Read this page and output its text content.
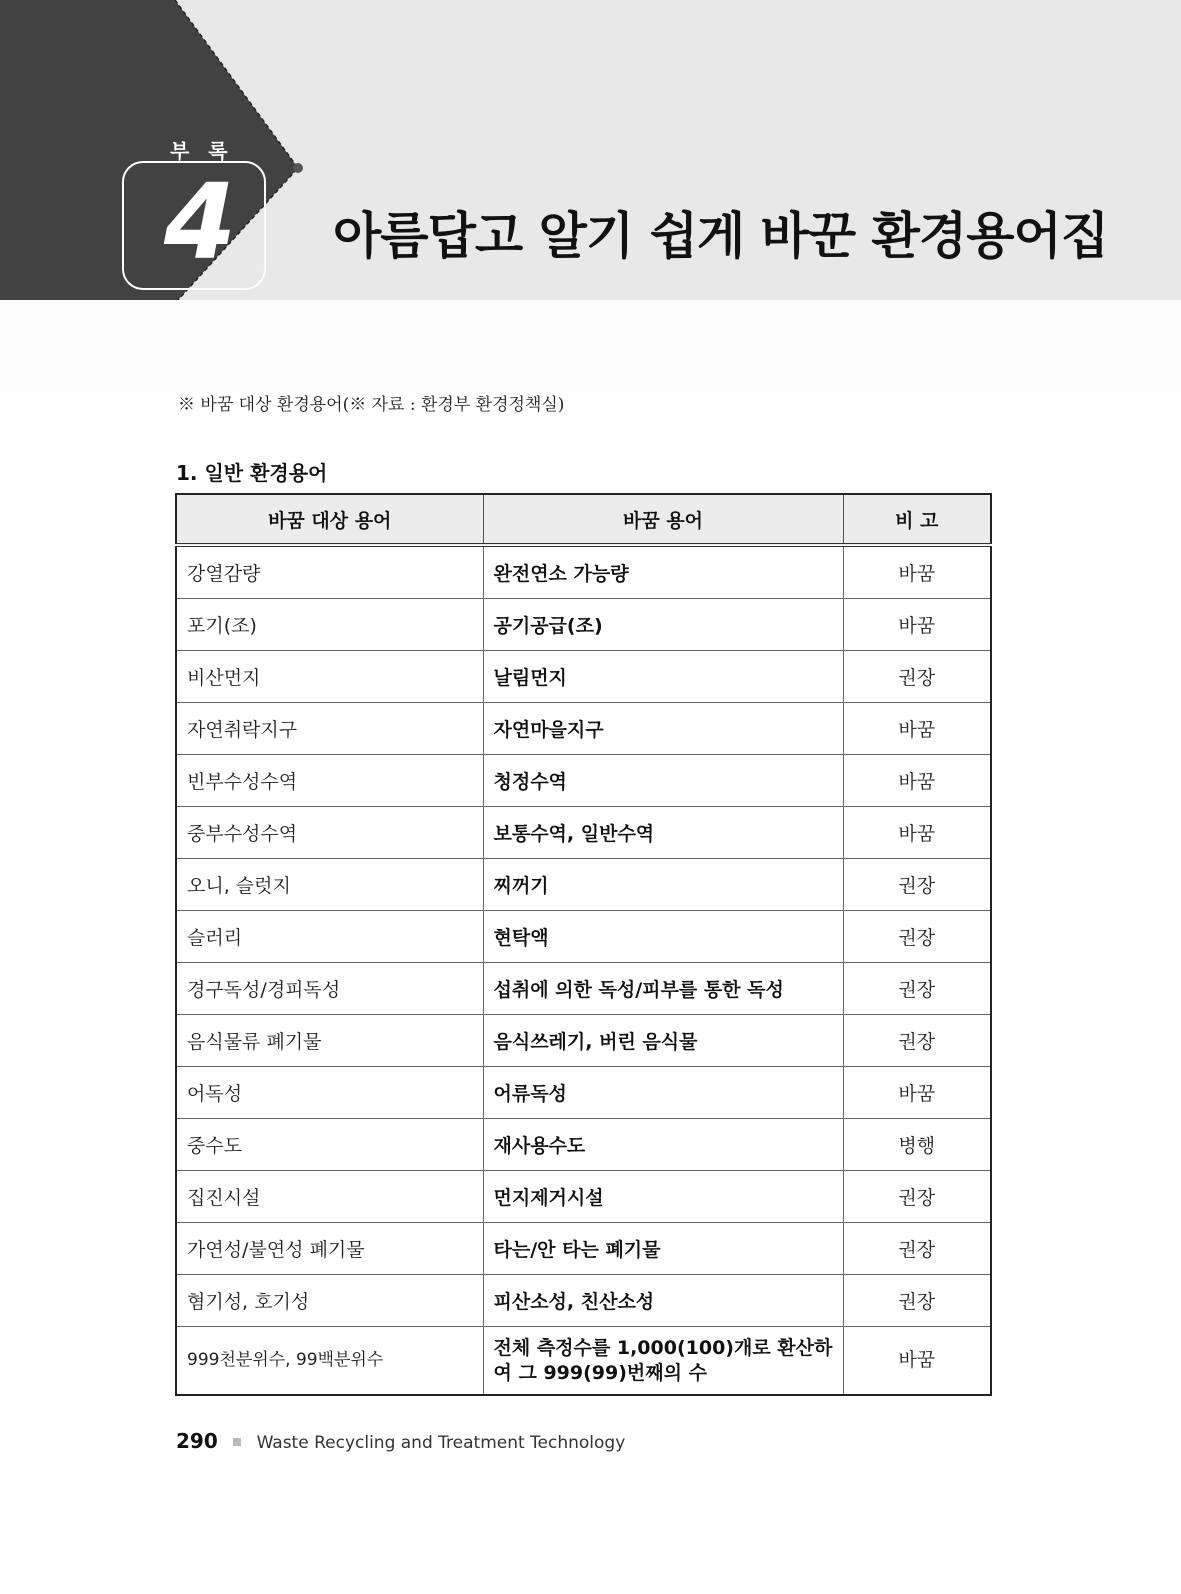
부 록
4 아름답고 알기 쉽게 바꾼 환경용어집
※ 바꿈 대상 환경용어(※ 자료 : 환경부 환경정책실)
1. 일반 환경용어
바꿈 대상 용어	바꿈 용어	비 고
강열감량	완전연소 가능량	바꿈
포기(조)	공기공급(조)	바꿈
비산먼지	날림먼지	권장
자연취락지구	자연마을지구	바꿈
빈부수성수역	청정수역	바꿈
중부수성수역	보통수역, 일반수역	바꿈
오니, 슬럿지	찌꺼기	권장
슬러리	현탁액	권장
경구독성/경피독성	섭취에 의한 독성/피부를 통한 독성	권장
음식물류 폐기물	음식쓰레기, 버린 음식물	권장
어독성	어류독성	바꿈
중수도	재사용수도	병행
집진시설	먼지제거시설	권장
가연성/불연성 폐기물	타는/안 타는 폐기물	권장
혐기성, 호기성	피산소성, 친산소성	권장
999천분위수, 99백분위수	전체 측정수를 1,000(100)개로 환산하여 그 999(99)번째의 수	바꿈
290 Waste Recycling and Treatment Technology
